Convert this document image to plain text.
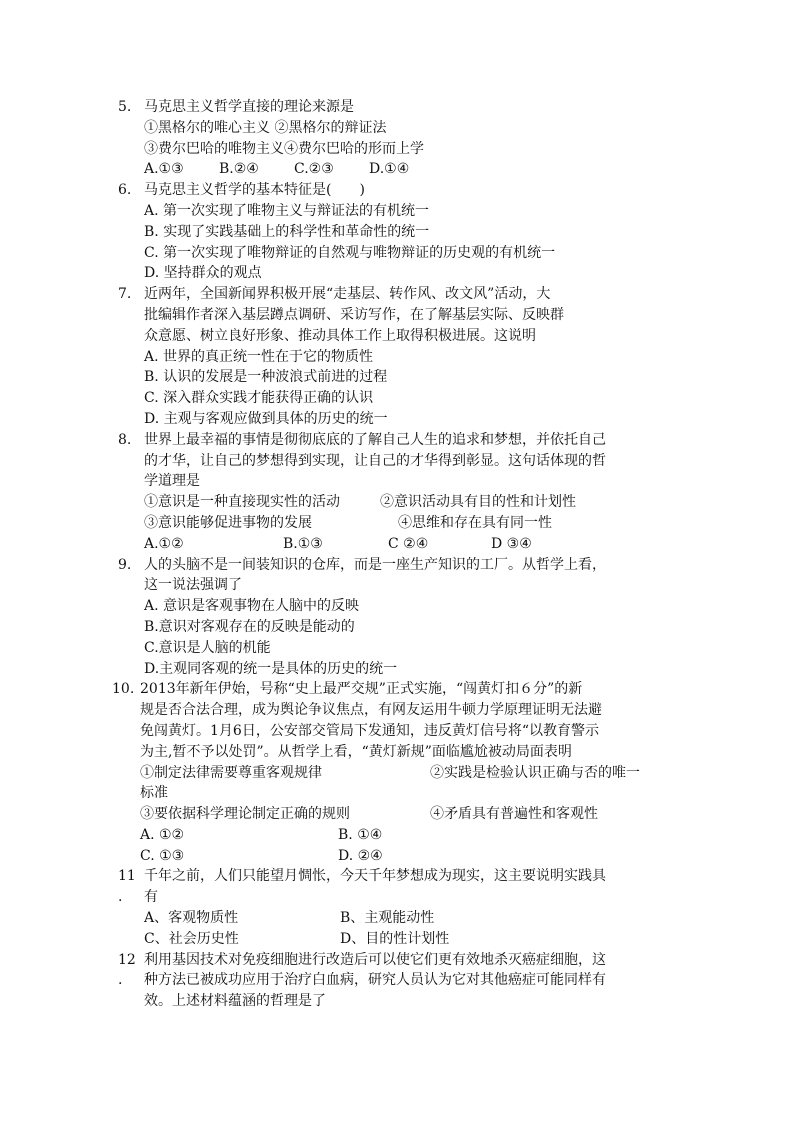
5. 马克思主义哲学直接的理论来源是
①黑格尔的唯心主义 ②黑格尔的辩证法
③费尔巴哈的唯物主义④费尔巴哈的形而上学
A.①③	B.②④	C.②③	D.①④
6. 马克思主义哲学的基本特征是(　　)
A. 第一次实现了唯物主义与辩证法的有机统一
B. 实现了实践基础上的科学性和革命性的统一
C. 第一次实现了唯物辩证的自然观与唯物辩证的历史观的有机统一
D. 坚持群众的观点
7. 近两年，全国新闻界积极开展“走基层、转作风、改文风”活动，大
批编辑作者深入基层蹲点调研、采访写作，在了解基层实际、反映群
众意愿、树立良好形象、推动具体工作上取得积极进展。这说明
A. 世界的真正统一性在于它的物质性
B. 认识的发展是一种波浪式前进的过程
C. 深入群众实践才能获得正确的认识
D. 主观与客观应做到具体的历史的统一
8. 世界上最幸福的事情是彻彻底底的了解自己人生的追求和梦想，并依托自己
的才华，让自己的梦想得到实现，让自己的才华得到彰显。这句话体现的哲
学道理是
①意识是一种直接现实性的活动	②意识活动具有目的性和计划性
③意识能够促进事物的发展	④思维和存在具有同一性
A.①②	B.①③	C ②④	D ③④
9. 人的头脑不是一间装知识的仓库，而是一座生产知识的工厂。从哲学上看，
这一说法强调了
A. 意识是客观事物在人脑中的反映
B.意识对客观存在的反映是能动的
C.意识是人脑的机能
D.主观同客观的统一是具体的历史的统一
10. 2013年新年伊始，号称“史上最严交规”正式实施，“闯黄灯扣６分”的新
规是否合法合理，成为舆论争议焦点，有网友运用牛顿力学原理证明无法避
免闯黄灯。1月6日，公安部交管局下发通知，违反黄灯信号将“以教育警示
为主,暂不予以处罚”。从哲学上看，“黄灯新规”面临尴尬被动局面表明
①制定法律需要尊重客观规律	②实践是检验认识正确与否的唯一
标准
③要依据科学理论制定正确的规则	④矛盾具有普遍性和客观性
A. ①②	B. ①④
C. ①③	D. ②④
11
.
千年之前，人们只能望月惆怅，今天千年梦想成为现实，这主要说明实践具
有
A、客观物质性	B、主观能动性
C、社会历史性	D、目的性计划性
12
.
利用基因技术对免疫细胞进行改造后可以使它们更有效地杀灭癌症细胞，这
种方法已被成功应用于治疗白血病，研究人员认为它对其他癌症可能同样有
效。上述材料蕴涵的哲理是了
